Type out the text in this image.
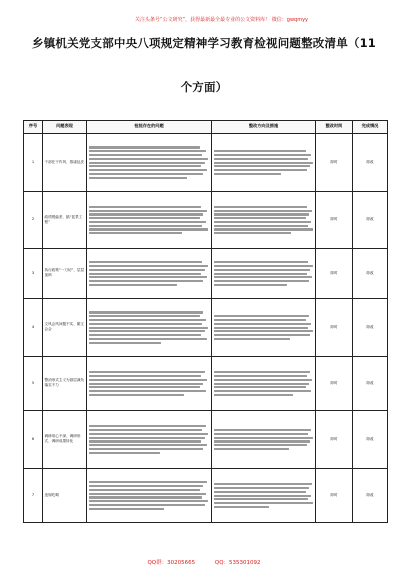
关注头条号“公文研究”，获得最新最全最专业的公文资料库！ 微信：gwqmyy
乡镇机关党支部中央八项规定精神学习教育检视问题整改清单（11
个方面）
序号	问题表现	检视存在的问题	整改方向及措施	整改时间	完成情况
1	干部在干作风、推诿扯皮			即时	即改
2	政绩观偏差、搞“盆景工程”			即时	即改
3	执行政策“一刀切”、层层加码			即时	即改
4	文风会风问题不实、繁文会会			即时	即改
5	整治形式主义为基层减负落实不力			即时	即改
6	调研用心不深、调研形式、调研成果转化			即时	即改
7	违规吃喝			即时	即改
QQ群：30205665	QQ：535301092
